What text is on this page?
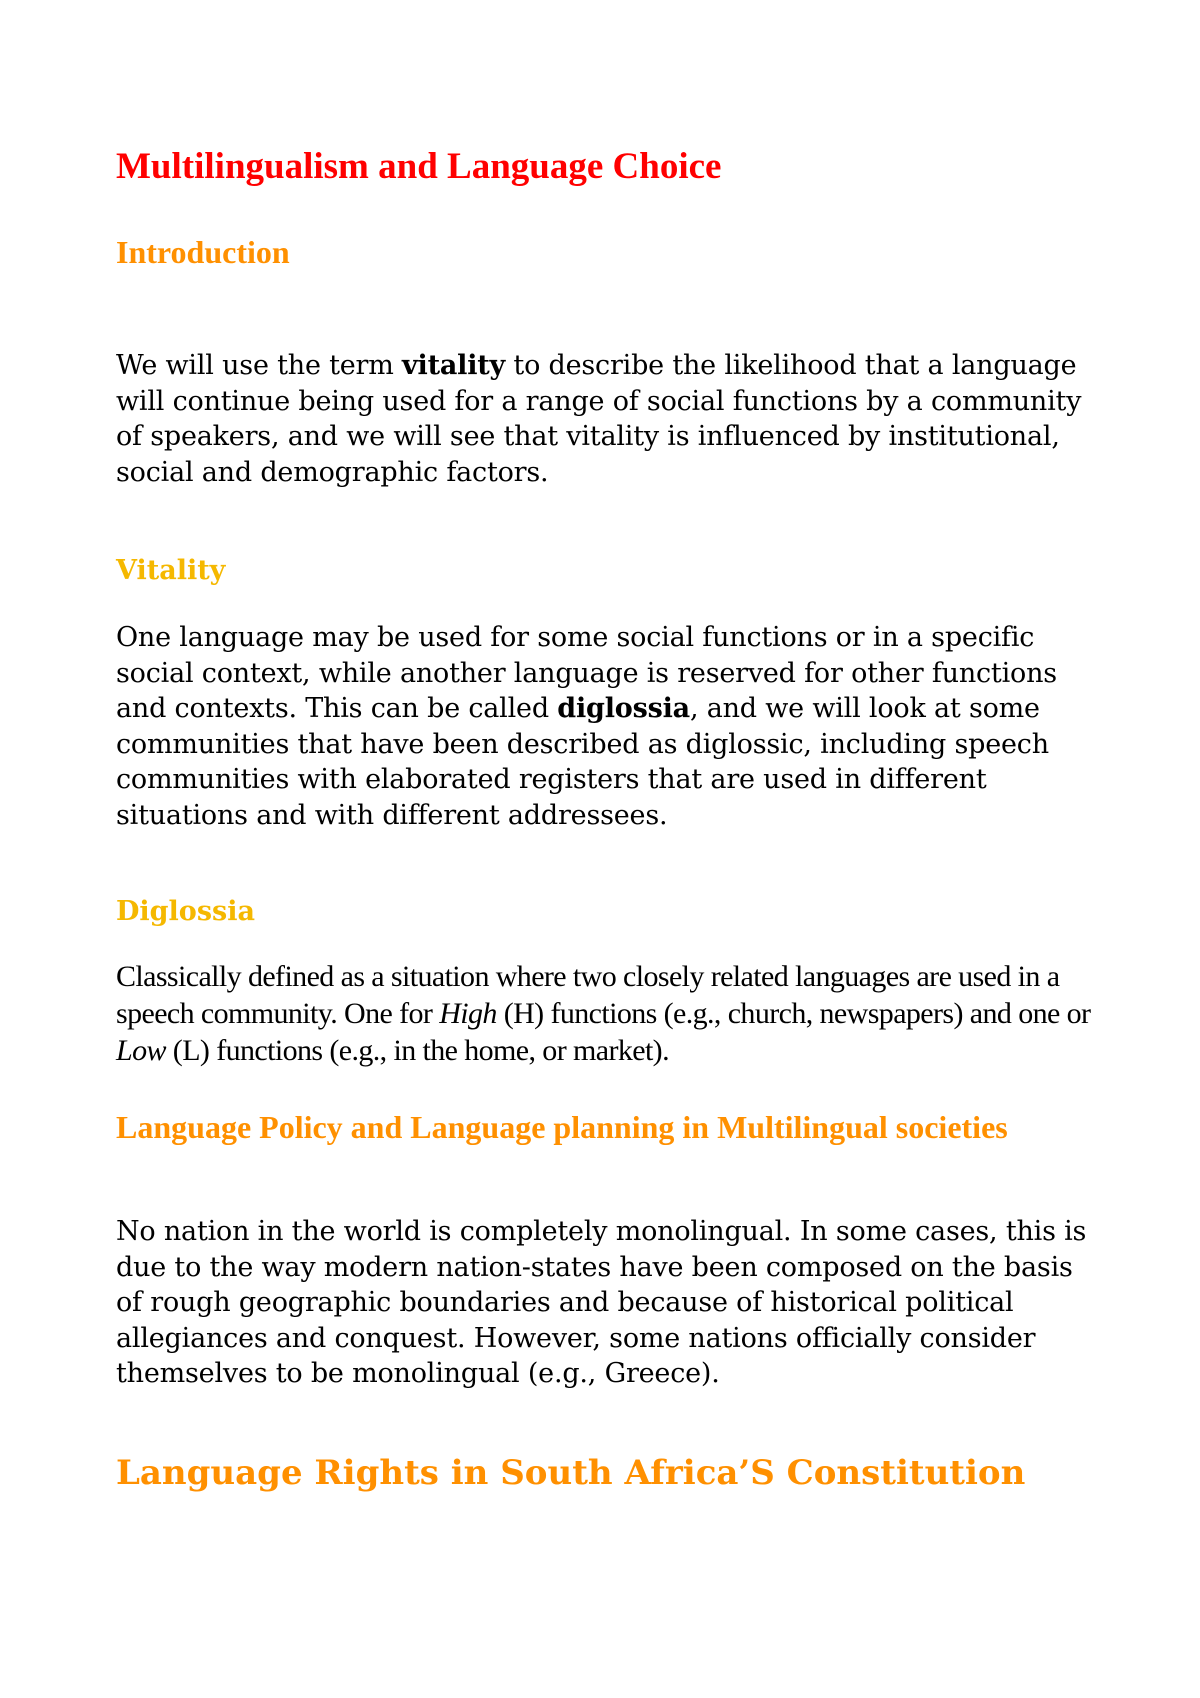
Multilingualism and Language Choice
Introduction

We will use the term vitality to describe the likelihood that a language will continue being used for a range of social functions by a community of speakers, and we will see that vitality is influenced by institutional, social and demographic factors.

Vitality

One language may be used for some social functions or in a specific social context, while another language is reserved for other functions and contexts. This can be called diglossia, and we will look at some communities that have been described as diglossic, including speech communities with elaborated registers that are used in different situations and with different addressees.

Diglossia

Classically defined as a situation where two closely related languages are used in a speech community. One for High (H) functions (e.g., church, newspapers) and one or Low (L) functions (e.g., in the home, or market).

Language Policy and Language planning in Multilingual societies

No nation in the world is completely monolingual. In some cases, this is due to the way modern nation-states have been composed on the basis of rough geographic boundaries and because of historical political allegiances and conquest. However, some nations officially consider themselves to be monolingual (e.g., Greece).

Language Rights in South Africa’S Constitution
